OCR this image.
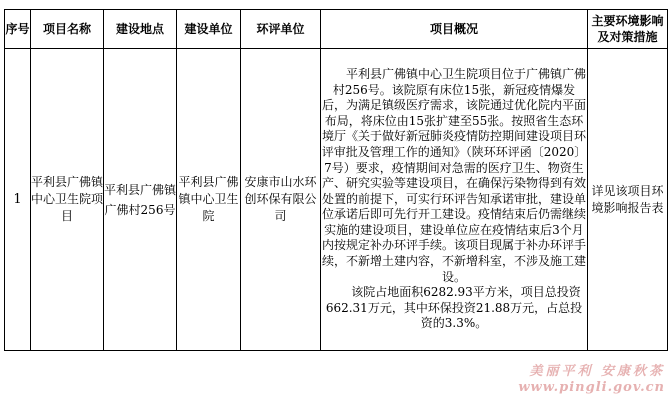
序号	项目名称	建设地点	建设单位	环评单位	项目概况	主要环境影响及对策措施
1	平利县广佛镇中心卫生院项目	平利县广佛镇广佛村256号	平利县广佛镇中心卫生院	安康市山水环创环保有限公司	平利县广佛镇中心卫生院项目位于广佛镇广佛村256号。该院原有床位15张，新冠疫情爆发后，为满足镇级医疗需求，该院通过优化院内平面布局，将床位由15张扩建至55张。按照省生态环境厅《关于做好新冠肺炎疫情防控期间建设项目环评审批及管理工作的通知》（陕环环评函〔2020〕7号）要求，疫情期间对急需的医疗卫生、物资生产、研究实验等建设项目，在确保污染物得到有效处置的前提下，可实行环评告知承诺审批，建设单位承诺后即可先行开工建设。疫情结束后仍需继续实施的建设项目，建设单位应在疫情结束后3个月内按规定补办环评手续。该项目现属于补办环评手续，不新增土建内容，不新增科室，不涉及施工建设。

该院占地面积6282.93平方米，项目总投资662.31万元，其中环保投资21.88万元，占总投资的3.3%。	详见该项目环境影响报告表
美丽平利 安康秋茶
www.pingli.gov.cn
